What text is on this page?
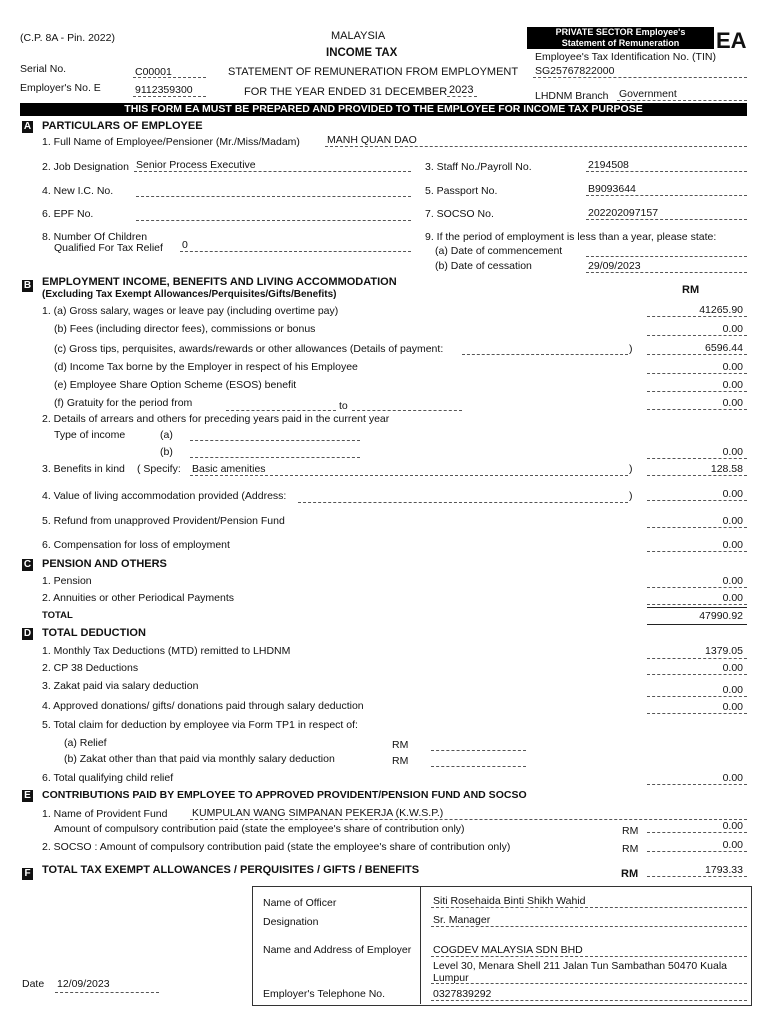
(C.P. 8A - Pin. 2022)	MALAYSIA
INCOME TAX
PRIVATE SECTOR Employee's
Statement of Remuneration	EA
Employee's Tax Identification No. (TIN)
SG25767822000
Serial No.	C00001	STATEMENT OF REMUNERATION FROM EMPLOYMENT
Employer's No. E	9112359300	FOR THE YEAR ENDED 31 DECEMBER 2023	LHDNM Branch Government
THIS FORM EA MUST BE PREPARED AND PROVIDED TO THE EMPLOYEE FOR INCOME TAX PURPOSE
A PARTICULARS OF EMPLOYEE
1. Full Name of Employee/Pensioner (Mr./Miss/Madam)	MANH QUAN DAO
2. Job Designation Senior Process Executive	3. Staff No./Payroll No.	2194508
4. New I.C. No.	5. Passport No.	B9093644
6. EPF No.	7. SOCSO No.	202202097157
8. Number Of Children
Qualified For Tax Relief 0
9. If the period of employment is less than a year, please state:
(a) Date of commencement
(b) Date of cessation	29/09/2023
B EMPLOYMENT INCOME, BENEFITS AND LIVING ACCOMMODATION
(Excluding Tax Exempt Allowances/Perquisites/Gifts/Benefits)	RM
1. (a) Gross salary, wages or leave pay (including overtime pay)	41265.90
(b) Fees (including director fees), commissions or bonus	0.00
(c) Gross tips, perquisites, awards/rewards or other allowances (Details of payment:	)	6596.44
(d) Income Tax borne by the Employer in respect of his Employee	0.00
(e) Employee Share Option Scheme (ESOS) benefit	0.00
(f) Gratuity for the period from	to	0.00
2. Details of arrears and others for preceding years paid in the current year
Type of income	(a)
(b)	0.00
3. Benefits in kind ( Specify: Basic amenities	)	128.58
4. Value of living accommodation provided (Address:	)	0.00
5. Refund from unapproved Provident/Pension Fund	0.00
6. Compensation for loss of employment	0.00
C PENSION AND OTHERS
1. Pension	0.00
2. Annuities or other Periodical Payments	0.00
TOTAL	47990.92
D TOTAL DEDUCTION
1. Monthly Tax Deductions (MTD) remitted to LHDNM	1379.05
2. CP 38 Deductions	0.00
3. Zakat paid via salary deduction	0.00
4. Approved donations/ gifts/ donations paid through salary deduction	0.00
5. Total claim for deduction by employee via Form TP1 in respect of:
(a) Relief	RM
(b) Zakat other than that paid via monthly salary deduction	RM
6. Total qualifying child relief	0.00
E CONTRIBUTIONS PAID BY EMPLOYEE TO APPROVED PROVIDENT/PENSION FUND AND SOCSO
1. Name of Provident Fund KUMPULAN WANG SIMPANAN PEKERJA (K.W.S.P.)
Amount of compulsory contribution paid (state the employee's share of contribution only)	RM	0.00
2. SOCSO : Amount of compulsory contribution paid (state the employee's share of contribution only)	RM	0.00
F TOTAL TAX EXEMPT ALLOWANCES / PERQUISITES / GIFTS / BENEFITS	RM	1793.33
Name of Officer	Siti Rosehaida Binti Shikh Wahid
Designation	Sr. Manager
Name and Address of Employer COGDEV MALAYSIA SDN BHD
Level 30, Menara Shell 211 Jalan Tun Sambathan 50470 Kuala
Lumpur
Employer's Telephone No.	0327839292
Date 12/09/2023
